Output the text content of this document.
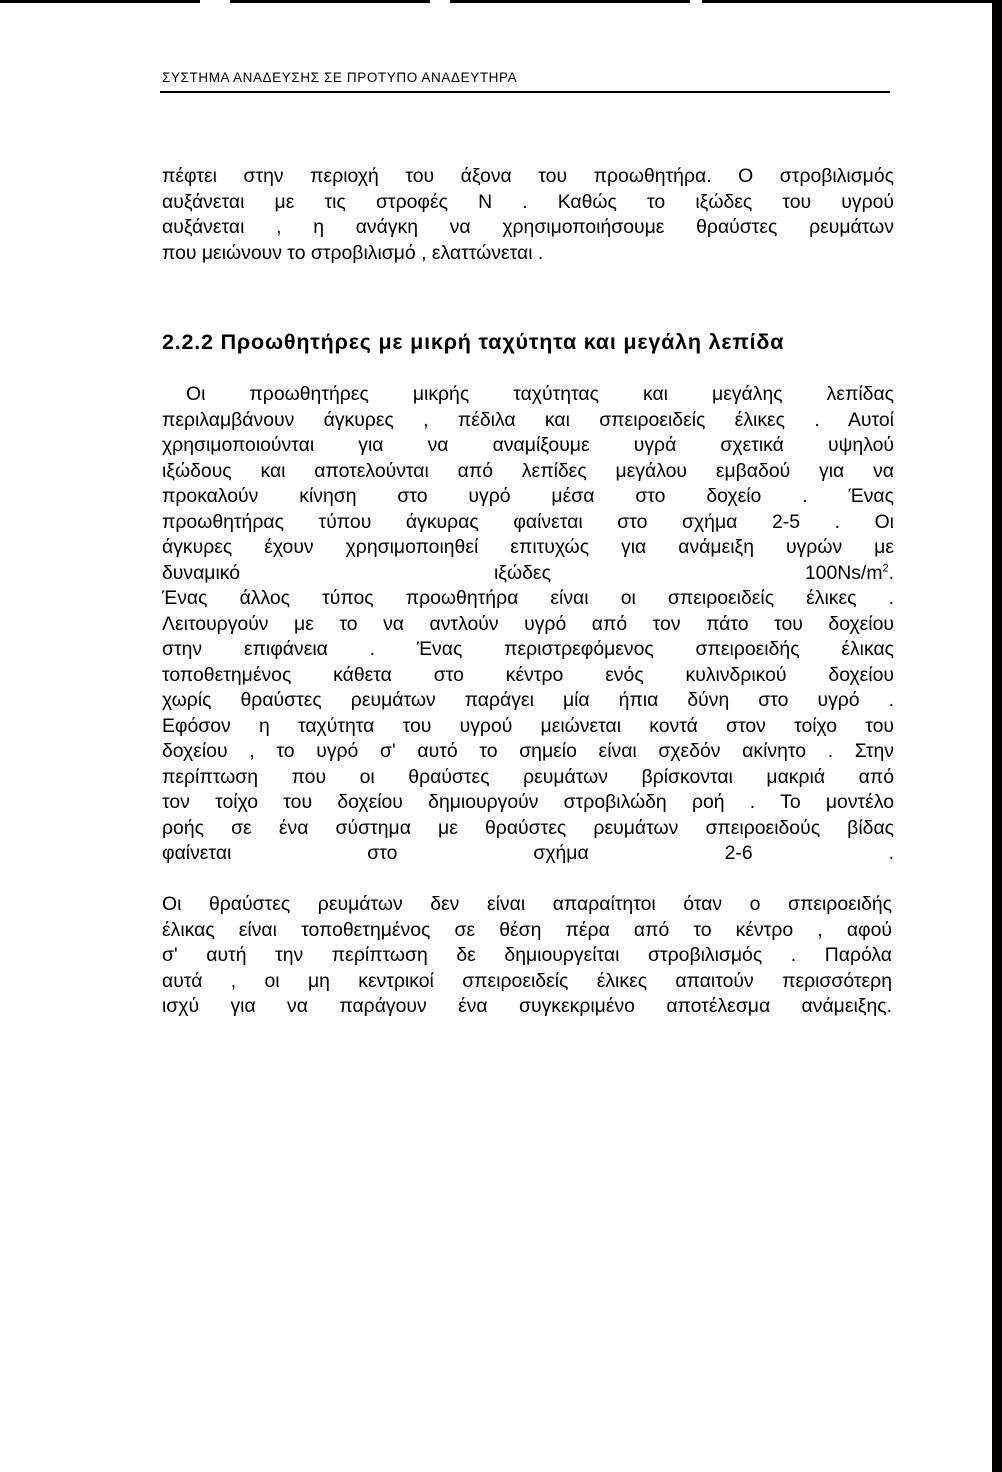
ΣΥΣΤΗΜΑ ΑΝΑΔΕΥΣΗΣ ΣΕ ΠΡΟΤΥΠΟ ΑΝΑΔΕΥΤΗΡΑ
πέφτει στην περιοχή του άξονα του προωθητήρα. Ο στροβιλισμός
αυξάνεται με τις στροφές Ν . Καθώς το ιξώδες του υγρού
αυξάνεται , η ανάγκη να χρησιμοποιήσουμε θραύστες ρευμάτων
που μειώνουν το στροβιλισμό , ελαττώνεται .
2.2.2 Προωθητήρες με μικρή ταχύτητα και μεγάλη λεπίδα
Οι προωθητήρες μικρής ταχύτητας και μεγάλης λεπίδας
περιλαμβάνουν άγκυρες , πέδιλα και σπειροειδείς έλικες . Αυτοί
χρησιμοποιούνται για να αναμίξουμε υγρά σχετικά υψηλού
ιξώδους και αποτελούνται από λεπίδες μεγάλου εμβαδού για να
προκαλούν κίνηση στο υγρό μέσα στο δοχείο . Ένας
προωθητήρας τύπου άγκυρας φαίνεται στο σχήμα 2-5 . Οι
άγκυρες έχουν χρησιμοποιηθεί επιτυχώς για ανάμειξη υγρών με
δυναμικό ιξώδες $100Ns/m^2$.
Ένας άλλος τύπος προωθητήρα είναι οι σπειροειδείς έλικες .
Λειτουργούν με το να αντλούν υγρό από τον πάτο του δοχείου
στην επιφάνεια . Ένας περιστρεφόμενος σπειροειδής έλικας
τοποθετημένος κάθετα στο κέντρο ενός κυλινδρικού δοχείου
χωρίς θραύστες ρευμάτων παράγει μία ήπια δύνη στο υγρό .
Εφόσον η ταχύτητα του υγρού μειώνεται κοντά στον τοίχο του
δοχείου , το υγρό σ' αυτό το σημείο είναι σχεδόν ακίνητο . Στην
περίπτωση που οι θραύστες ρευμάτων βρίσκονται μακριά από
τον τοίχο του δοχείου δημιουργούν στροβιλώδη ροή . Το μοντέλο
ροής σε ένα σύστημα με θραύστες ρευμάτων σπειροειδούς βίδας
φαίνεται στο σχήμα 2-6 .
Οι θραύστες ρευμάτων δεν είναι απαραίτητοι όταν ο σπειροειδής
έλικας είναι τοποθετημένος σε θέση πέρα από το κέντρο , αφού
σ' αυτή την περίπτωση δε δημιουργείται στροβιλισμός . Παρόλα
αυτά , οι μη κεντρικοί σπειροειδείς έλικες απαιτούν περισσότερη
ισχύ για να παράγουν ένα συγκεκριμένο αποτέλεσμα ανάμειξης.
